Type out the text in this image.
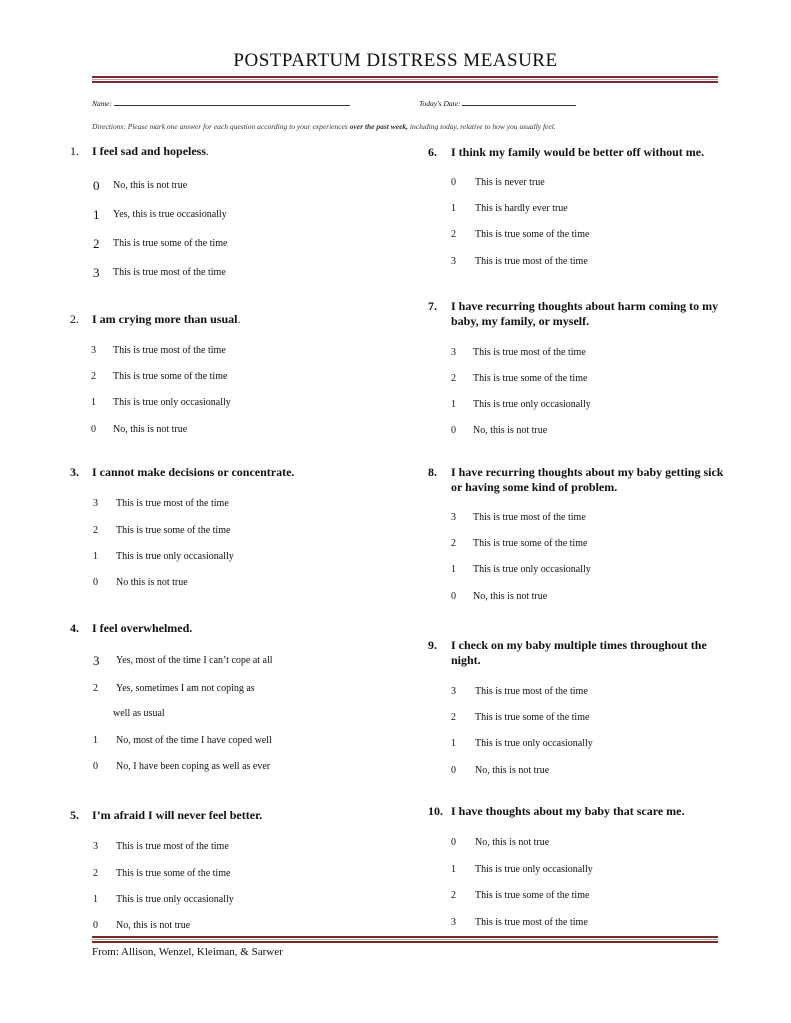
POSTPARTUM DISTRESS MEASURE
Name:	Today's Date:
Directions: Please mark one answer for each question according to your experiences over the past week, including today, relative to how you usually feel.
1. I feel sad and hopeless.
0 No, this is not true
1 Yes, this is true occasionally
2 This is true some of the time
3 This is true most of the time
2. I am crying more than usual.
3 This is true most of the time
2 This is true some of the time
1 This is true only occasionally
0 No, this is not true
3. I cannot make decisions or concentrate.
3 This is true most of the time
2 This is true some of the time
1 This is true only occasionally
0 No this is not true
4. I feel overwhelmed.
3 Yes, most of the time I can’t cope at all
2 Yes, sometimes I am not coping as
well as usual
1 No, most of the time I have coped well
0 No, I have been coping as well as ever
5. I’m afraid I will never feel better.
3 This is true most of the time
2 This is true some of the time
1 This is true only occasionally
0 No, this is not true
6. I think my family would be better off without me.
0 This is never true
1 This is hardly ever true
2 This is true some of the time
3 This is true most of the time
7. I have recurring thoughts about harm coming to my
baby, my family, or myself.
3 This is true most of the time
2 This is true some of the time
1 This is true only occasionally
0 No, this is not true
8. I have recurring thoughts about my baby getting sick
or having some kind of problem.
3 This is true most of the time
2 This is true some of the time
1 This is true only occasionally
0 No, this is not true
9. I check on my baby multiple times throughout the
night.
3 This is true most of the time
2 This is true some of the time
1 This is true only occasionally
0 No, this is not true
10. I have thoughts about my baby that scare me.
0 No, this is not true
1 This is true only occasionally
2 This is true some of the time
3 This is true most of the time
From: Allison, Wenzel, Kleiman, & Sarwer
